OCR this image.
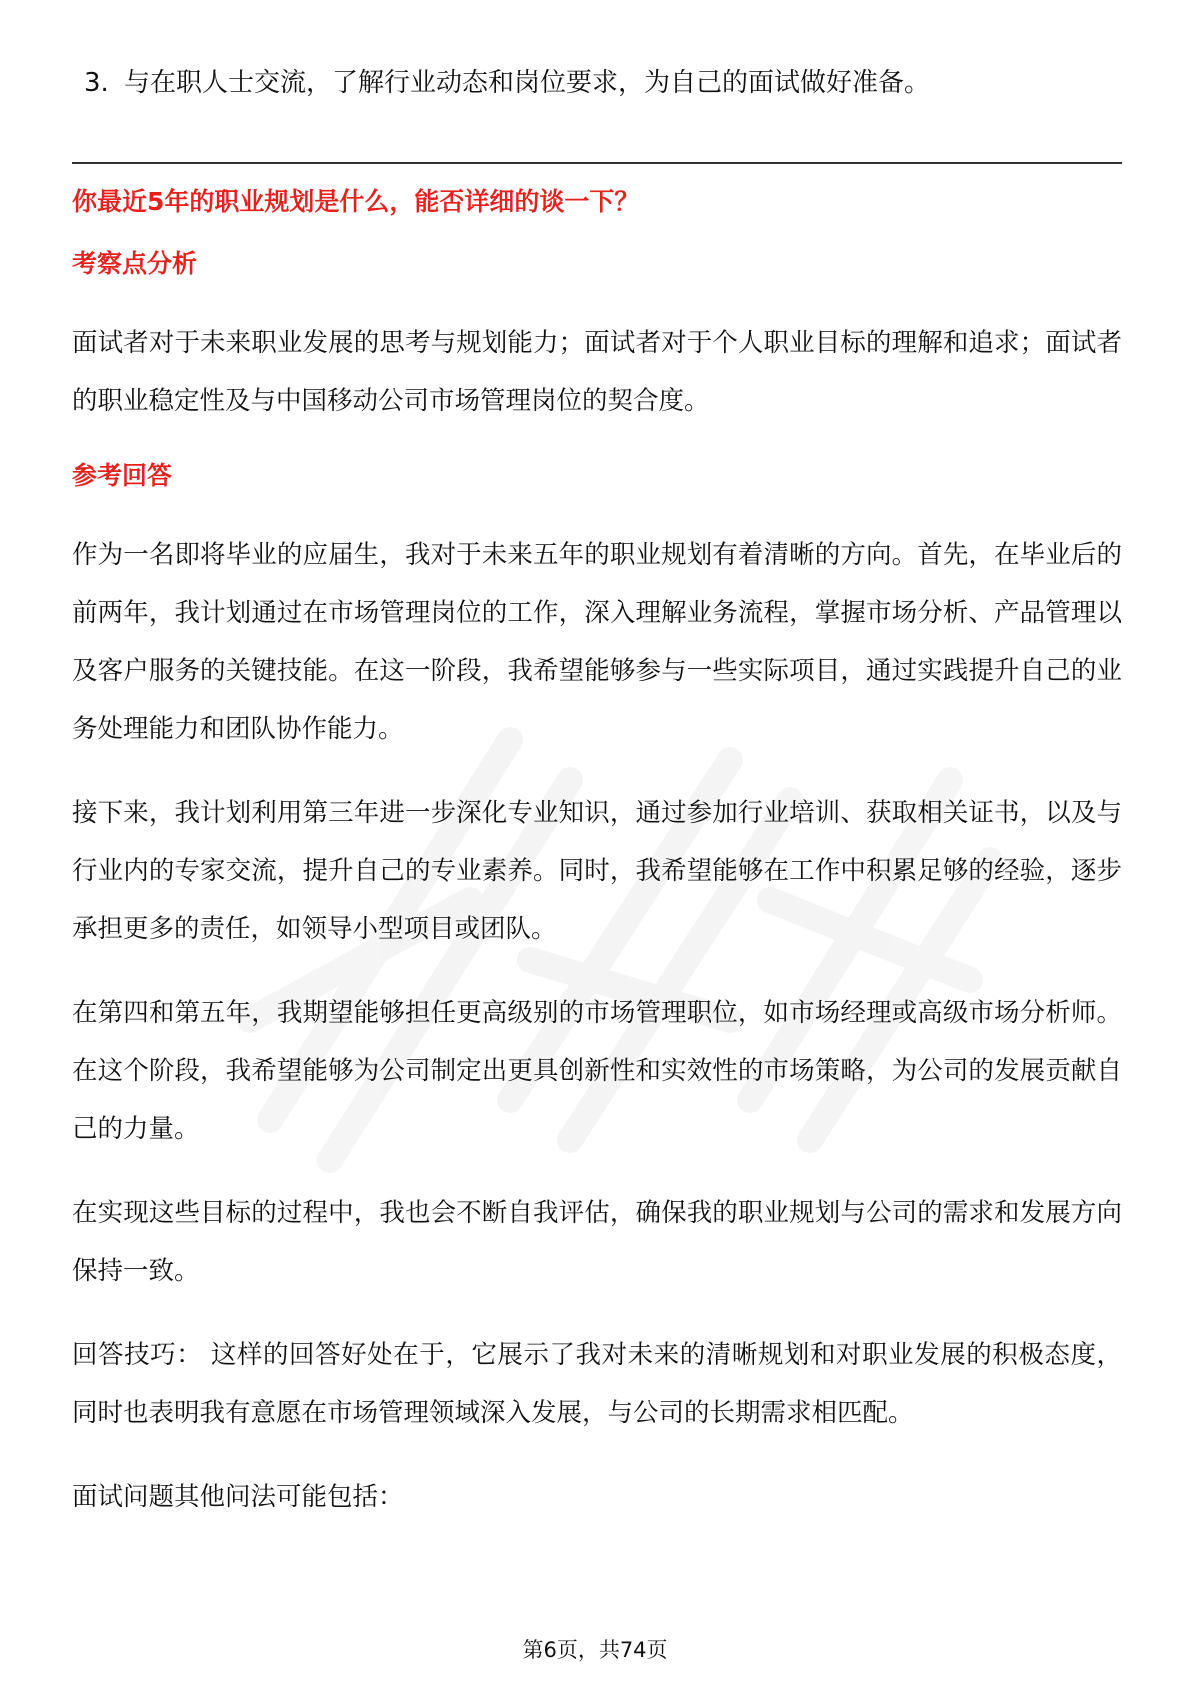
3. 与在职人士交流，了解行业动态和岗位要求，为自己的面试做好准备。

你最近5年的职业规划是什么，能否详细的谈一下？

考察点分析

面试者对于未来职业发展的思考与规划能力；面试者对于个人职业目标的理解和追求；面试者的职业稳定性及与中国移动公司市场管理岗位的契合度。

参考回答

作为一名即将毕业的应届生，我对于未来五年的职业规划有着清晰的方向。首先，在毕业后的前两年，我计划通过在市场管理岗位的工作，深入理解业务流程，掌握市场分析、产品管理以及客户服务的关键技能。在这一阶段，我希望能够参与一些实际项目，通过实践提升自己的业务处理能力和团队协作能力。

接下来，我计划利用第三年进一步深化专业知识，通过参加行业培训、获取相关证书，以及与行业内的专家交流，提升自己的专业素养。同时，我希望能够在工作中积累足够的经验，逐步承担更多的责任，如领导小型项目或团队。

在第四和第五年，我期望能够担任更高级别的市场管理职位，如市场经理或高级市场分析师。在这个阶段，我希望能够为公司制定出更具创新性和实效性的市场策略，为公司的发展贡献自己的力量。

在实现这些目标的过程中，我也会不断自我评估，确保我的职业规划与公司的需求和发展方向保持一致。

回答技巧： 这样的回答好处在于，它展示了我对未来的清晰规划和对职业发展的积极态度，同时也表明我有意愿在市场管理领域深入发展，与公司的长期需求相匹配。

面试问题其他问法可能包括：

第6页，共74页
